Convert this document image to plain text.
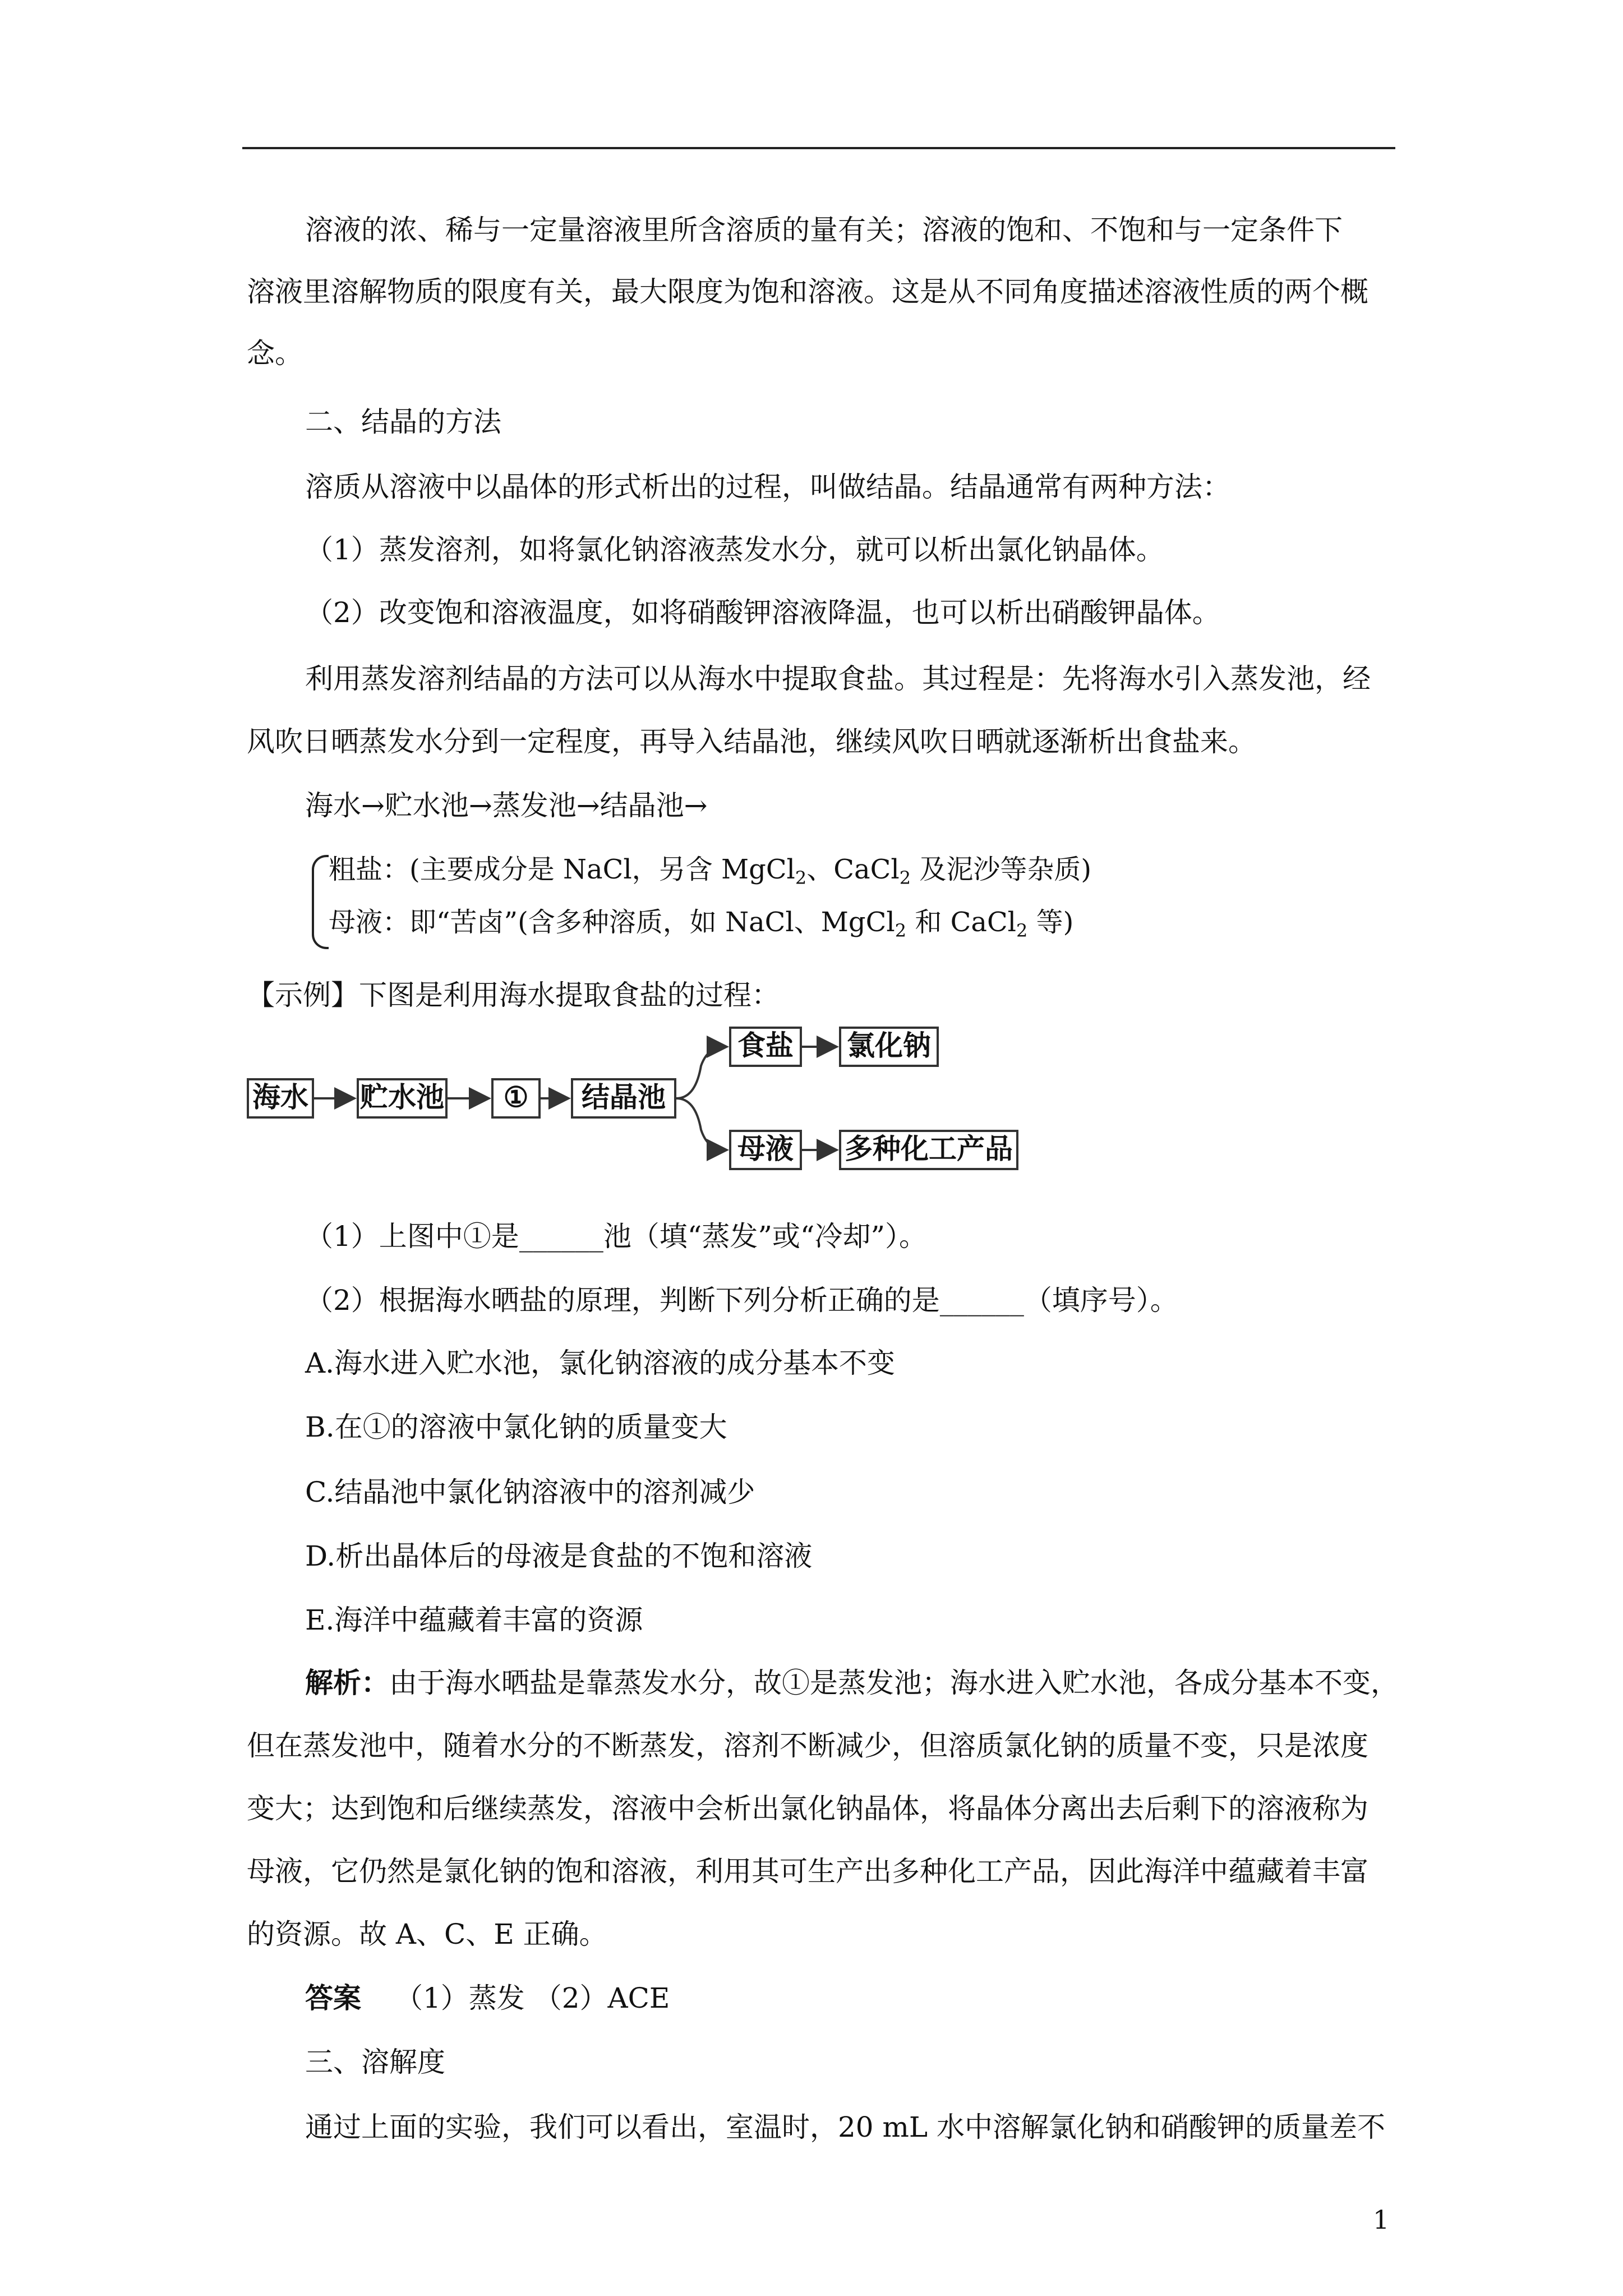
溶液的浓、稀与一定量溶液里所含溶质的量有关；溶液的饱和、不饱和与一定条件下
溶液里溶解物质的限度有关，最大限度为饱和溶液。这是从不同角度描述溶液性质的两个概
念。
二、结晶的方法
溶质从溶液中以晶体的形式析出的过程，叫做结晶。结晶通常有两种方法：
（1）蒸发溶剂，如将氯化钠溶液蒸发水分，就可以析出氯化钠晶体。
（2）改变饱和溶液温度，如将硝酸钾溶液降温，也可以析出硝酸钾晶体。
利用蒸发溶剂结晶的方法可以从海水中提取食盐。其过程是：先将海水引入蒸发池，经
风吹日晒蒸发水分到一定程度，再导入结晶池，继续风吹日晒就逐渐析出食盐来。
海水→贮水池→蒸发池→结晶池→
粗盐：(主要成分是 NaCl，另含 MgCl$_2$、CaCl$_2$ 及泥沙等杂质)
母液：即“苦卤”(含多种溶质，如 NaCl、MgCl$_2$ 和 CaCl$_2$ 等)
【示例】下图是利用海水提取食盐的过程：
海水 贮水池	①	结晶池
食盐	氯化钠
母液	多种化工产品
（1）上图中①是______池（填“蒸发”或“冷却”）。
（2）根据海水晒盐的原理，判断下列分析正确的是______（填序号）。
A.海水进入贮水池，氯化钠溶液的成分基本不变
B.在①的溶液中氯化钠的质量变大
C.结晶池中氯化钠溶液中的溶剂减少
D.析出晶体后的母液是食盐的不饱和溶液
E.海洋中蕴藏着丰富的资源
解析：由于海水晒盐是靠蒸发水分，故①是蒸发池；海水进入贮水池，各成分基本不变，
但在蒸发池中，随着水分的不断蒸发，溶剂不断减少，但溶质氯化钠的质量不变，只是浓度
变大；达到饱和后继续蒸发，溶液中会析出氯化钠晶体，将晶体分离出去后剩下的溶液称为
母液，它仍然是氯化钠的饱和溶液，利用其可生产出多种化工产品，因此海洋中蕴藏着丰富
的资源。故 A、C、E 正确。
答案 （1）蒸发 （2）ACE
三、溶解度
通过上面的实验，我们可以看出，室温时，20 mL 水中溶解氯化钠和硝酸钾的质量差不
1
